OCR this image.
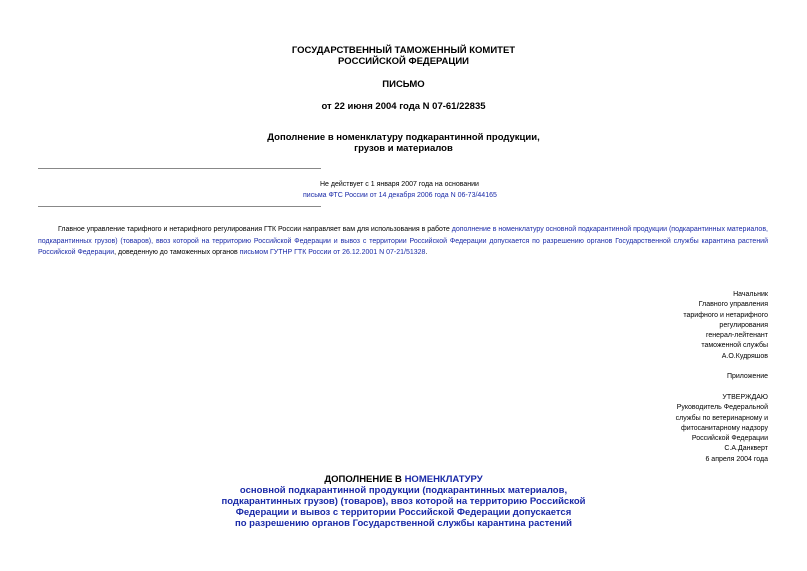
ГОСУДАРСТВЕННЫЙ ТАМОЖЕННЫЙ КОМИТЕТ
РОССИЙСКОЙ ФЕДЕРАЦИИ
ПИСЬМО
от 22 июня 2004 года N 07-61/22835
Дополнение в номенклатуру подкарантинной продукции,
грузов и материалов
Не действует с 1 января 2007 года на основании
письма ФТС России от 14 декабря 2006 года N 06-73/44165
Главное управление тарифного и нетарифного регулирования ГТК России направляет вам для использования в работе дополнение в номенклатуру основной подкарантинной продукции (подкарантинных материалов, подкарантинных грузов) (товаров), ввоз которой на территорию Российской Федерации и вывоз с территории Российской Федерации допускается по разрешению органов Государственной службы карантина растений Российской Федерации, доведенную до таможенных органов письмом ГУТНР ГТК России от 26.12.2001 N 07-21/51328.
Начальник
Главного управления
тарифного и нетарифного
регулирования
генерал-лейтенант
таможенной службы
А.О.Кудряшов
Приложение
УТВЕРЖДАЮ
Руководитель Федеральной
службы по ветеринарному и
фитосанитарному надзору
Российской Федерации
С.А.Данкверт
6 апреля 2004 года
ДОПОЛНЕНИЕ В НОМЕНКЛАТУРУ
основной подкарантинной продукции (подкарантинных материалов,
подкарантинных грузов) (товаров), ввоз которой на территорию Российской
Федерации и вывоз с территории Российской Федерации допускается
по разрешению органов Государственной службы карантина растений
